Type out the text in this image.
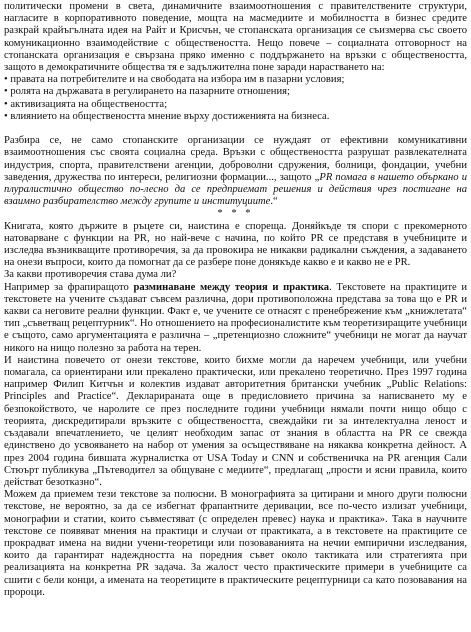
политически промени в света, динамичните взаимоотношения с правителствените структури, нагласите в корпоративното поведение, мощта на масмедиите и мобилността в бизнес средите разкрай крайъгълната идея на Райт и Крисчън, че стопанската организация се съизмерва със своето комуникационно взаимодействие с обществеността. Нещо повече – социалната отговорност на стопанската организация е свързана пряко именно с поддържането на връзки с обществеността, защото в демократичните общества тя е задължителна поне заради нарастването на:

• правата на потребителите и на свободата на избора им в пазарни условия;
• ролята на държавата в регулирането на пазарните отношения;
• активизацията на обществеността;
• влиянието на обществеността мнение върху достиженията на бизнеса.

Разбира се, не само стопанските организации се нуждаят от ефективни комуникативни взаимоотношения със своята социална среда. Връзки с обществеността разрушат развлекателната индустрия, спорта, правителствени агенции, доброволни сдружения, болници, фондации, учебни заведения, дружества по интереси, религиозни формации..., защото „PR помага в нашето объркано и плуралистично общество по-лесно да се предприемат решения и действия чрез постигане на взаимно разбирателство между групите и институциите.“

* * *

Книгата, която държите в ръцете си, наистина е спореща. Доняйкъде тя спори с прекомерното натоварване с функции на PR, но най-вече с начина, по който PR се представя в учебниците и изследва възникващите противоречия, за да провокира не никакви радикални съждения, а задаването на онези въпроси, които да помогнат да се разбере поне донякъде какво е и какво не е PR.

За какви противоречия става дума ли?

Например за фрапиращото разминаване между теория и практика. Текстовете на практиците и текстовете на учените създават съвсем различна, дори противоположна представа за това що е PR и какви са неговите реални функции. Факт е, че учените се отнасят с пренебрежение към „книжлетата“ тип „съветващ рецептурник“. Но отношението на професионалистите към теоретизиращите учебници е същото, само аргументацията е различна – „претенциозно сложните“ учебници не могат да научат никого на нищо полезно за работа на терен.

И наистина повечето от онези текстове, които бихме могли да наречем учебници, или учебни помагала, са ориентирани или прекалено практически, или прекалено теоретично. През 1997 година например Филип Китчън и колектив издават авторитетния британски учебник „Public Relations: Principles and Practice“. Декларираната още в предисловието причина за написването му е безпокойството, че наролите се през последните години учебници нямали почти нищо общо с теорията, дискредитирали връзките с обществеността, свеждайки ги за интелектуална леност и създавали впечатлението, че целият необходим запас от знания в областта на PR се свежда единствено до усвояването на набор от умения за осъществяване на някаква конкретна дейност. А през 2004 година бившата журналистка от USA Today и CNN и собственичка на PR агенция Сали Стюърт публикува „Пътеводител за общуване с медиите“, предлагащ „прости и ясни правила, които действат безотказно“.

Можем да приемем тези текстове за полюсни. В монографията за цитирани и много други полюсни текстове, не вероятно, за да се избегнат фрапантните деривации, все по-често излизат учебници, монографии и статии, които съвместяват (с определен превес) наука и практика». Така в научните текстове се появяват мнения на практици и случаи от практиката, а в текстовете на практиците се прокрадват имена на видни учени-теоретици или позоваванията на нечии емпирични изследвания, които да гарантират надеждността на поредния съвет около тактиката или стратегията при реализацията на конкретна PR задача. За жалост често практическите примери в учебниците са сшити с бели конци, а имената на теоретиците в практическите рецептурници са като позовавания на пророци.
